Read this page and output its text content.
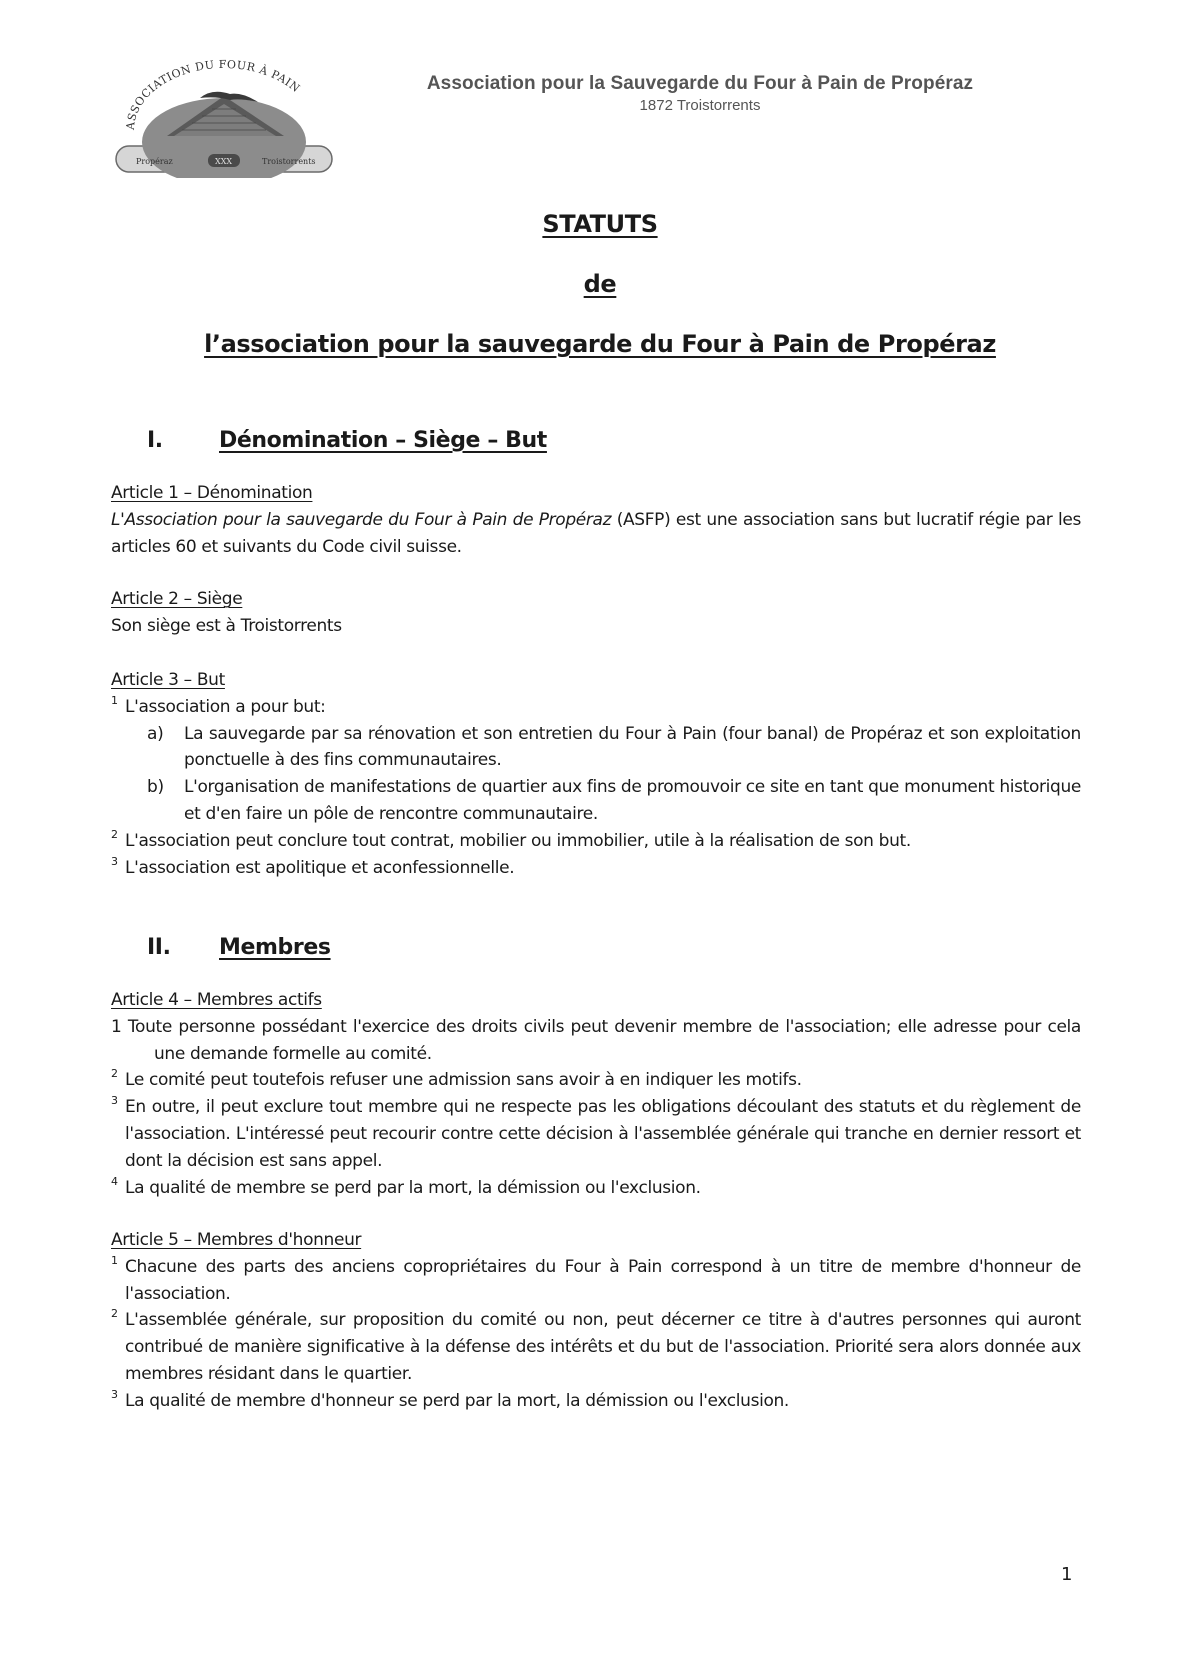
ASSOCIATION DU FOUR À PAIN
Propéraz	Troistorrents
XXX
Association pour la Sauvegarde du Four à Pain de Propéraz
1872 Troistorrents
STATUTS
de
l’association pour la sauvegarde du Four à Pain de Propéraz
I.	Dénomination – Siège – But
Article 1 – Dénomination
L'Association pour la sauvegarde du Four à Pain de Propéraz (ASFP) est une association sans but lucratif régie par les articles 60 et suivants du Code civil suisse.
Article 2 – Siège
Son siège est à Troistorrents
Article 3 – But
1 L'association a pour but:
a) La sauvegarde par sa rénovation et son entretien du Four à Pain (four banal) de Propéraz et son exploitation ponctuelle à des fins communautaires.
b) L'organisation de manifestations de quartier aux fins de promouvoir ce site en tant que monument historique et d'en faire un pôle de rencontre communautaire.
2 L'association peut conclure tout contrat, mobilier ou immobilier, utile à la réalisation de son but.
3 L'association est apolitique et aconfessionnelle.
II. Membres
Article 4 – Membres actifs
1 Toute personne possédant l'exercice des droits civils peut devenir membre de l'association; elle adresse pour cela une demande formelle au comité.
2 Le comité peut toutefois refuser une admission sans avoir à en indiquer les motifs.
3 En outre, il peut exclure tout membre qui ne respecte pas les obligations découlant des statuts et du règlement de l'association. L'intéressé peut recourir contre cette décision à l'assemblée générale qui tranche en dernier ressort et dont la décision est sans appel.
4 La qualité de membre se perd par la mort, la démission ou l'exclusion.
Article 5 – Membres d'honneur
1 Chacune des parts des anciens copropriétaires du Four à Pain correspond à un titre de membre d'honneur de l'association.
2 L'assemblée générale, sur proposition du comité ou non, peut décerner ce titre à d'autres personnes qui auront contribué de manière significative à la défense des intérêts et du but de l'association. Priorité sera alors donnée aux membres résidant dans le quartier.
3 La qualité de membre d'honneur se perd par la mort, la démission ou l'exclusion.
1
